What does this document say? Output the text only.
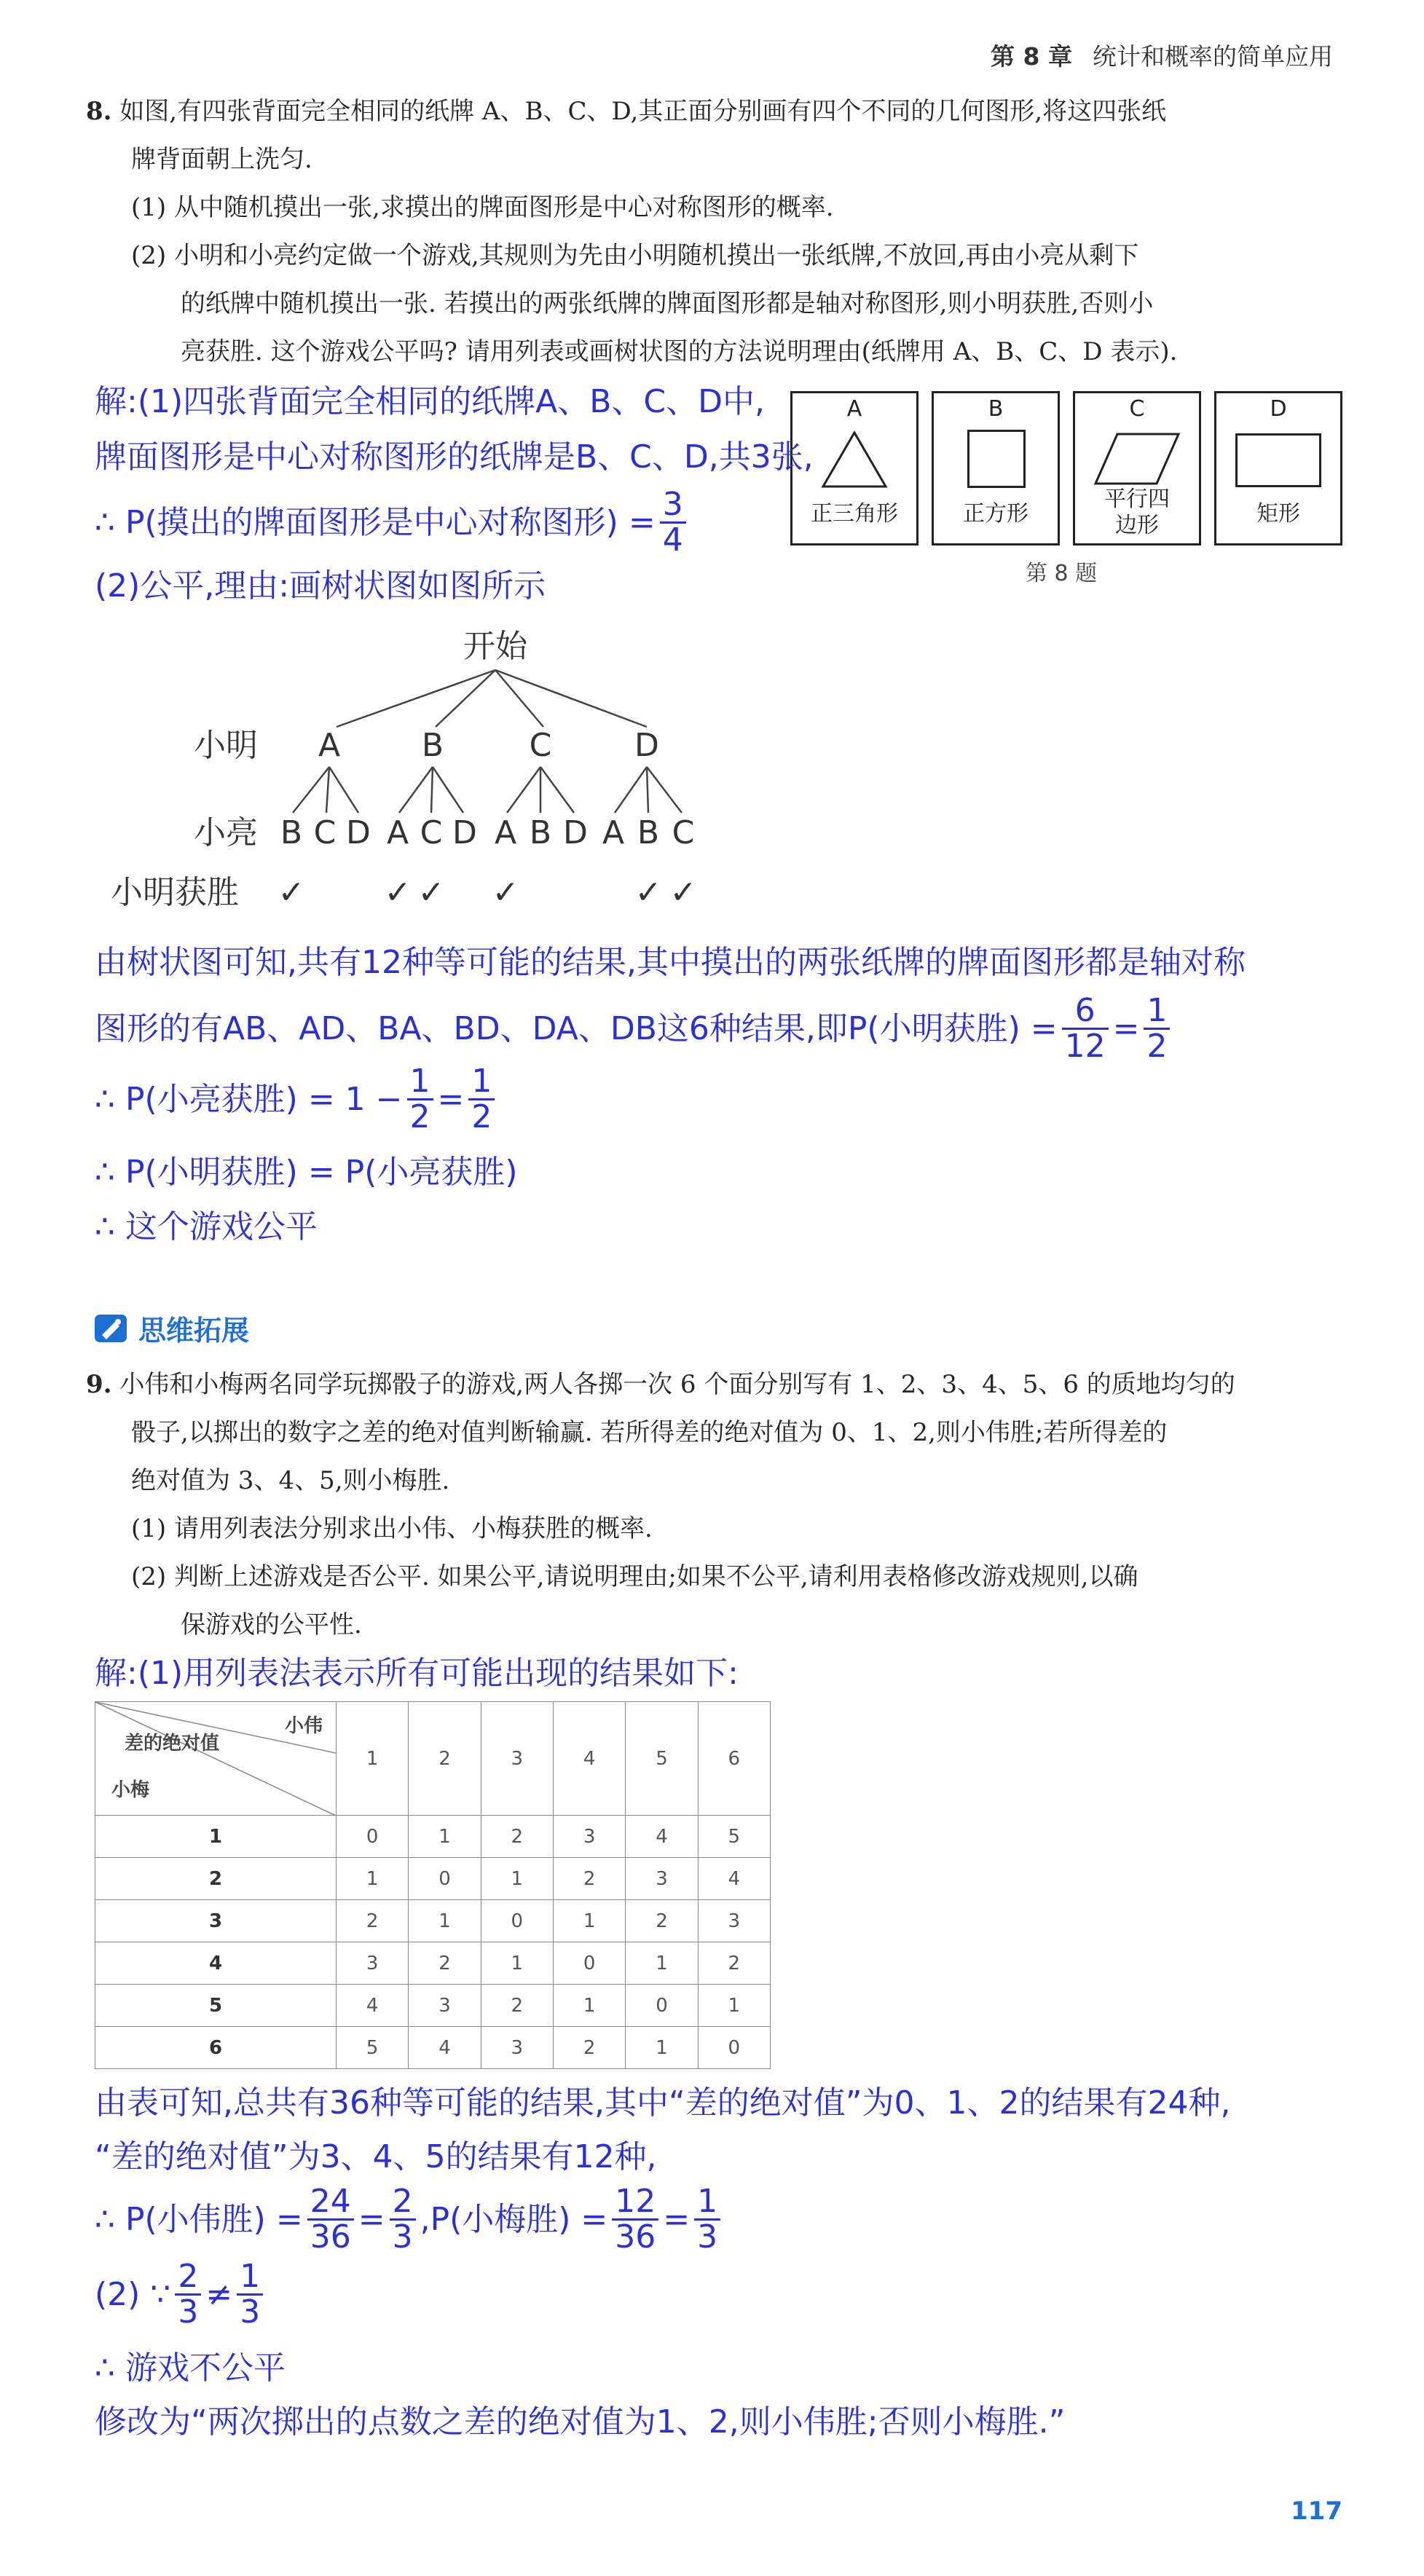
第 8 章 统计和概率的简单应用
8. 如图,有四张背面完全相同的纸牌 A、B、C、D,其正面分别画有四个不同的几何图形,将这四张纸
牌背面朝上洗匀.
(1) 从中随机摸出一张,求摸出的牌面图形是中心对称图形的概率.
(2) 小明和小亮约定做一个游戏,其规则为先由小明随机摸出一张纸牌,不放回,再由小亮从剩下
的纸牌中随机摸出一张. 若摸出的两张纸牌的牌面图形都是轴对称图形,则小明获胜,否则小
亮获胜. 这个游戏公平吗? 请用列表或画树状图的方法说明理由(纸牌用 A、B、C、D 表示).
A
正三角形
B
正方形
C
平行四边形
D
矩形
第 8 题
解:(1)四张背面完全相同的纸牌A、B、C、D中,
牌面图形是中心对称图形的纸牌是B、C、D,共3张,
∴ P(摸出的牌面图形是中心对称图形) = $\frac{3}{4}$
(2)公平,理由:画树状图如图所示
开始
小明 A	B	C	D
小亮 B C D A C D A B D A B C
小明获胜 ✓ ✓ ✓ ✓	✓ ✓
由树状图可知,共有12种等可能的结果,其中摸出的两张纸牌的牌面图形都是轴对称
图形的有AB、AD、BA、BD、DA、DB这6种结果,即P(小明获胜) = $\frac{6}{12} = \frac{1}{2}$
∴ P(小亮获胜) = $1 - \frac{1}{2} = \frac{1}{2}$
∴ P(小明获胜) = P(小亮获胜)
∴ 这个游戏公平
思维拓展
9. 小伟和小梅两名同学玩掷骰子的游戏,两人各掷一次 6 个面分别写有 1、2、3、4、5、6 的质地均匀的
骰子,以掷出的数字之差的绝对值判断输赢. 若所得差的绝对值为 0、1、2,则小伟胜;若所得差的
绝对值为 3、4、5,则小梅胜.
(1) 请用列表法分别求出小伟、小梅获胜的概率.
(2) 判断上述游戏是否公平. 如果公平,请说明理由;如果不公平,请利用表格修改游戏规则,以确
保游戏的公平性.
解:(1)用列表法表示所有可能出现的结果如下:
小伟
差的绝对值
小梅	1	2	3	4	5	6
1	0	1	2	3	4	5
2	1	0	1	2	3	4
3	2	1	0	1	2	3
4	3	2	1	0	1	2
5	4	3	2	1	0	1
6	5	4	3	2	1	0
由表可知,总共有36种等可能的结果,其中“差的绝对值”为0、1、2的结果有24种,
“差的绝对值”为3、4、5的结果有12种,
∴ P(小伟胜) = $\frac{24}{36} = \frac{2}{3} ,P$(小梅胜) = $\frac{12}{36} = \frac{1}{3}$
(2) ∵ $\frac{2}{3} \ne \frac{1}{3}$
∴ 游戏不公平
修改为“两次掷出的点数之差的绝对值为1、2,则小伟胜;否则小梅胜.”
117
